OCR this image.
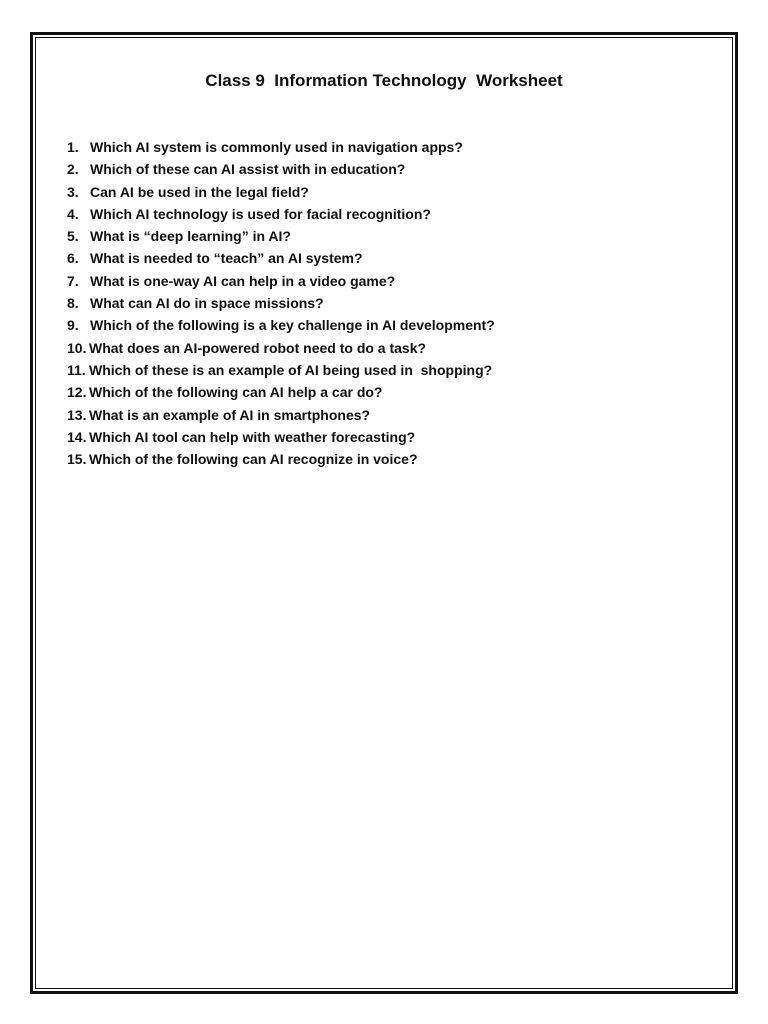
Class 9  Information Technology  Worksheet
1. Which AI system is commonly used in navigation apps?
2. Which of these can AI assist with in education?
3. Can AI be used in the legal field?
4. Which AI technology is used for facial recognition?
5. What is “deep learning” in AI?
6. What is needed to “teach” an AI system?
7. What is one-way AI can help in a video game?
8. What can AI do in space missions?
9. Which of the following is a key challenge in AI development?
10. What does an AI-powered robot need to do a task?
11. Which of these is an example of AI being used in  shopping?
12. Which of the following can AI help a car do?
13. What is an example of AI in smartphones?
14. Which AI tool can help with weather forecasting?
15. Which of the following can AI recognize in voice?
